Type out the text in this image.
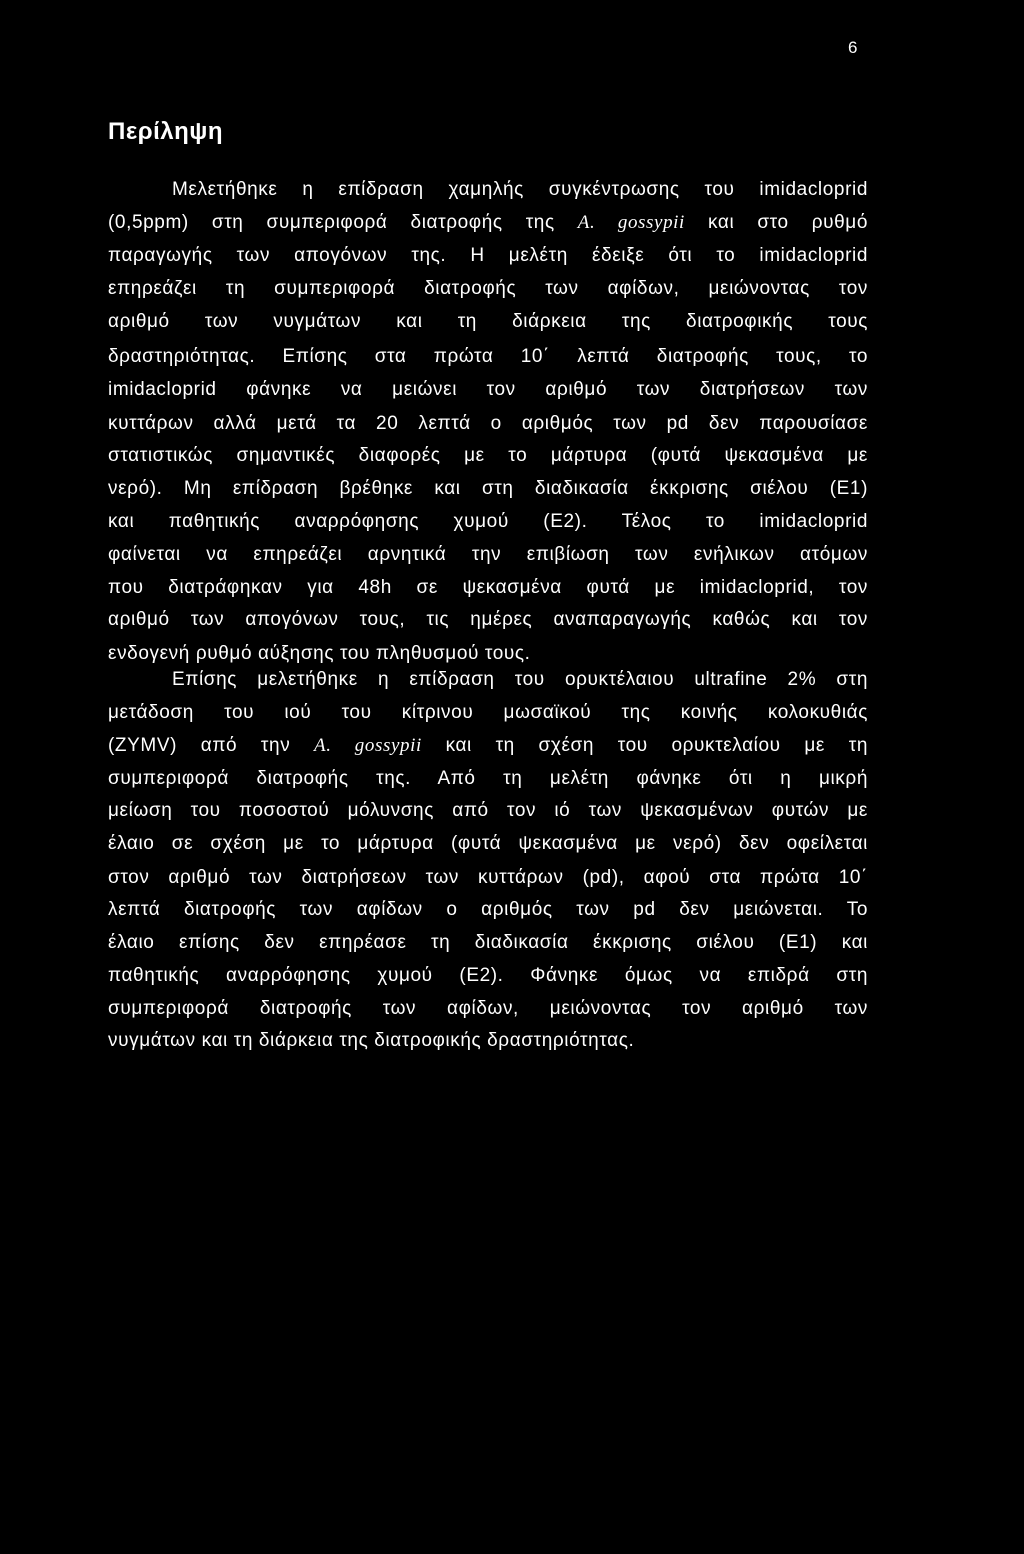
6
Περίληψη
Μελετήθηκε η επίδραση χαμηλής συγκέντρωσης του imidacloprid
(0,5ppm) στη συμπεριφορά διατροφής της A. gossypii και στο ρυθμό
παραγωγής των απογόνων της. Η μελέτη έδειξε ότι το imidacloprid
επηρεάζει τη συμπεριφορά διατροφής των αφίδων, μειώνοντας τον
αριθμό των νυγμάτων και τη διάρκεια της διατροφικής τους
δραστηριότητας. Επίσης στα πρώτα 10΄ λεπτά διατροφής τους, το
imidacloprid φάνηκε να μειώνει τον αριθμό των διατρήσεων των
κυττάρων αλλά μετά τα 20 λεπτά ο αριθμός των pd δεν παρουσίασε
στατιστικώς σημαντικές διαφορές με το μάρτυρα (φυτά ψεκασμένα με
νερό). Μη επίδραση βρέθηκε και στη διαδικασία έκκρισης σιέλου (E1)
και παθητικής αναρρόφησης χυμού (E2). Τέλος το imidacloprid
φαίνεται να επηρεάζει αρνητικά την επιβίωση των ενήλικων ατόμων
που διατράφηκαν για 48h σε ψεκασμένα φυτά με imidacloprid, τον
αριθμό των απογόνων τους, τις ημέρες αναπαραγωγής καθώς και τον
ενδογενή ρυθμό αύξησης του πληθυσμού τους.
Επίσης μελετήθηκε η επίδραση του ορυκτέλαιου ultrafine 2% στη
μετάδοση του ιού του κίτρινου μωσαϊκού της κοινής κολοκυθιάς
(ZYMV) από την A. gossypii και τη σχέση του ορυκτελαίου με τη
συμπεριφορά διατροφής της. Από τη μελέτη φάνηκε ότι η μικρή
μείωση του ποσοστού μόλυνσης από τον ιό των ψεκασμένων φυτών με
έλαιο σε σχέση με το μάρτυρα (φυτά ψεκασμένα με νερό) δεν οφείλεται
στον αριθμό των διατρήσεων των κυττάρων (pd), αφού στα πρώτα 10΄
λεπτά διατροφής των αφίδων ο αριθμός των pd δεν μειώνεται. Το
έλαιο επίσης δεν επηρέασε τη διαδικασία έκκρισης σιέλου (E1) και
παθητικής αναρρόφησης χυμού (E2). Φάνηκε όμως να επιδρά στη
συμπεριφορά διατροφής των αφίδων, μειώνοντας τον αριθμό των
νυγμάτων και τη διάρκεια της διατροφικής δραστηριότητας.
